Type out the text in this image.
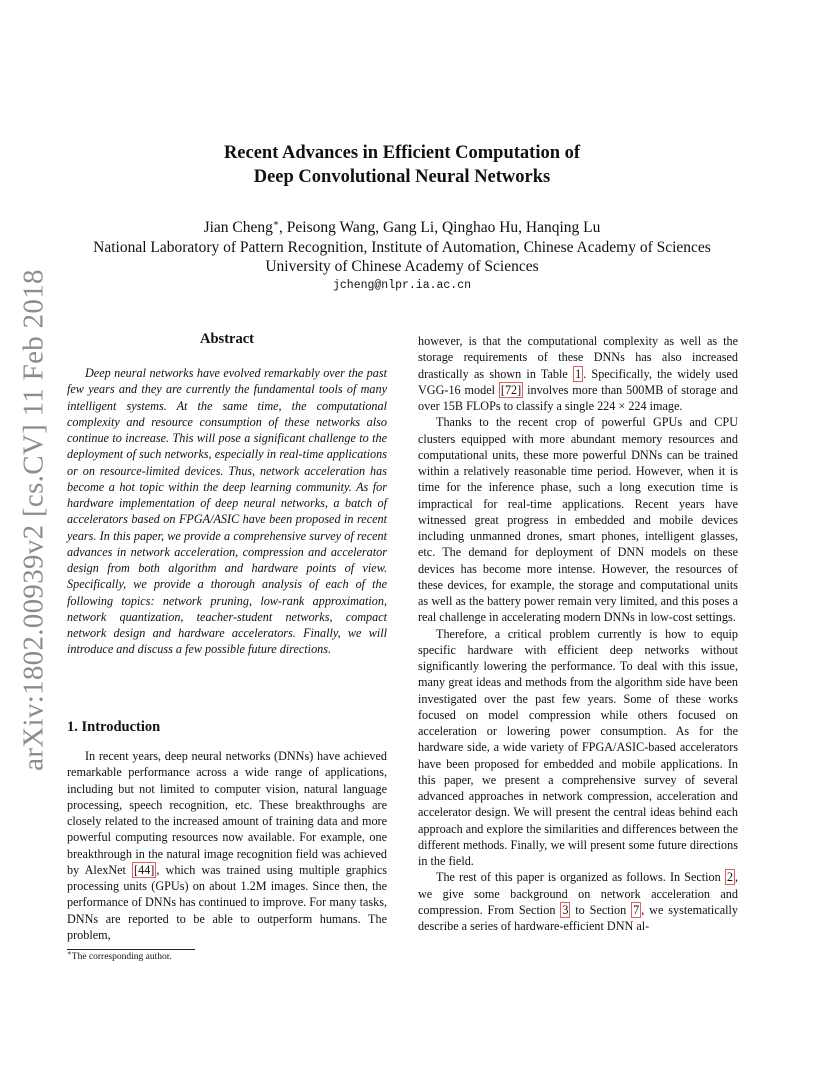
arXiv:1802.00939v2 [cs.CV] 11 Feb 2018
Recent Advances in Efficient Computation of
Deep Convolutional Neural Networks
Jian Cheng∗, Peisong Wang, Gang Li, Qinghao Hu, Hanqing Lu
National Laboratory of Pattern Recognition, Institute of Automation, Chinese Academy of Sciences
University of Chinese Academy of Sciences
jcheng@nlpr.ia.ac.cn
Abstract

Deep neural networks have evolved remarkably over the past few years and they are currently the fundamental tools of many intelligent systems. At the same time, the computational complexity and resource consumption of these networks also continue to increase. This will pose a significant challenge to the deployment of such networks, especially in real-time applications or on resource-limited devices. Thus, network acceleration has become a hot topic within the deep learning community. As for hardware implementation of deep neural networks, a batch of accelerators based on FPGA/ASIC have been proposed in recent years. In this paper, we provide a comprehensive survey of recent advances in network acceleration, compression and accelerator design from both algorithm and hardware points of view. Specifically, we provide a thorough analysis of each of the following topics: network pruning, low-rank approximation, network quantization, teacher-student networks, compact network design and hardware accelerators. Finally, we will introduce and discuss a few possible future directions.

1. Introduction

In recent years, deep neural networks (DNNs) have achieved remarkable performance across a wide range of applications, including but not limited to computer vision, natural language processing, speech recognition, etc. These breakthroughs are closely related to the increased amount of training data and more powerful computing resources now available. For example, one breakthrough in the natural image recognition field was achieved by AlexNet [44] , which was trained using multiple graphics processing units (GPUs) on about 1.2M images. Since then, the performance of DNNs has continued to improve. For many tasks, DNNs are reported to be able to outperform humans. The problem,

however, is that the computational complexity as well as the storage requirements of these DNNs has also increased drastically as shown in Table 1 . Specifically, the widely used VGG-16 model [72] involves more than 500MB of storage and over 15B FLOPs to classify a single 224 × 224 image.

Thanks to the recent crop of powerful GPUs and CPU clusters equipped with more abundant memory resources and computational units, these more powerful DNNs can be trained within a relatively reasonable time period. However, when it is time for the inference phase, such a long execution time is impractical for real-time applications. Recent years have witnessed great progress in embedded and mobile devices including unmanned drones, smart phones, intelligent glasses, etc. The demand for deployment of DNN models on these devices has become more intense. However, the resources of these devices, for example, the storage and computational units as well as the battery power remain very limited, and this poses a real challenge in accelerating modern DNNs in low-cost settings.

Therefore, a critical problem currently is how to equip specific hardware with efficient deep networks without significantly lowering the performance. To deal with this issue, many great ideas and methods from the algorithm side have been investigated over the past few years. Some of these works focused on model compression while others focused on acceleration or lowering power consumption. As for the hardware side, a wide variety of FPGA/ASIC-based accelerators have been proposed for embedded and mobile applications. In this paper, we present a comprehensive survey of several advanced approaches in network compression, acceleration and accelerator design. We will present the central ideas behind each approach and explore the similarities and differences between the different methods. Finally, we will present some future directions in the field.

The rest of this paper is organized as follows. In Section 2 , we give some background on network acceleration and compression. From Section 3 to Section 7 , we systematically describe a series of hardware-efficient DNN al-

∗The corresponding author.
